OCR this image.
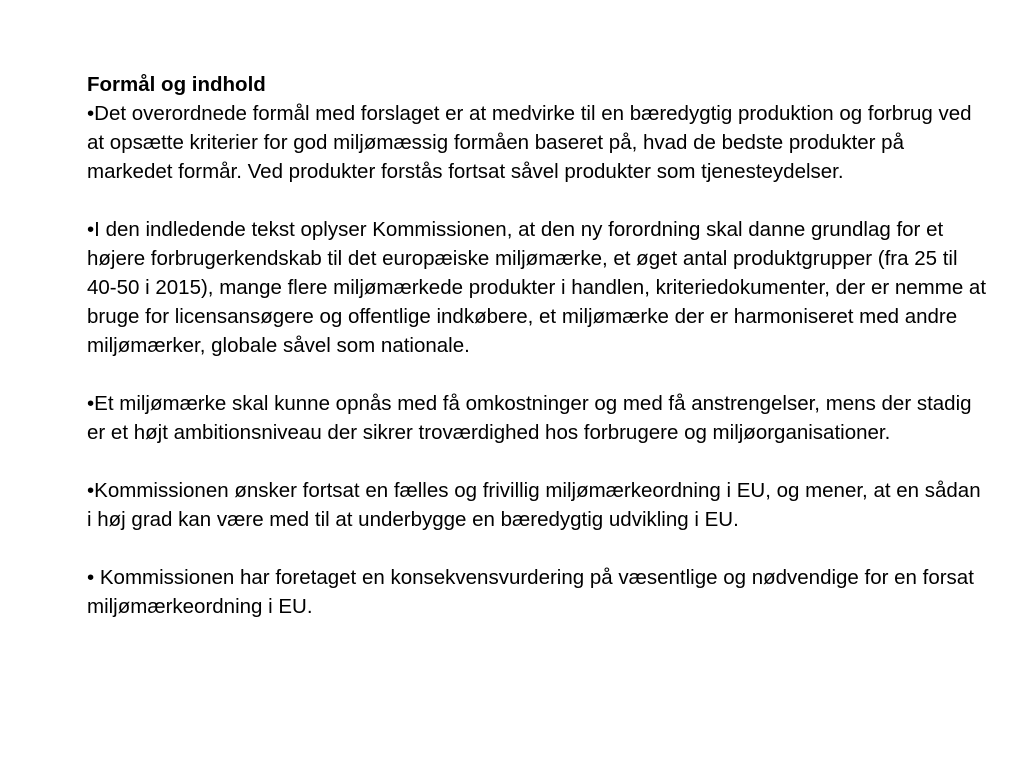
Formål og indhold

•Det overordnede formål med forslaget er at medvirke til en bæredygtig produktion og forbrug ved at opsætte kriterier for god miljømæssig formåen baseret på, hvad de bedste produkter på markedet formår. Ved produkter forstås fortsat såvel produkter som tjenesteydelser.

•I den indledende tekst oplyser Kommissionen, at den ny forordning skal danne grundlag for et højere forbrugerkendskab til det europæiske miljømærke, et øget antal produktgrupper (fra 25 til 40-50 i 2015), mange flere miljømærkede produkter i handlen, kriteriedokumenter, der er nemme at bruge for licensansøgere og offentlige indkøbere, et miljømærke der er harmoniseret med andre miljømærker, globale såvel som nationale.

•Et miljømærke skal kunne opnås med få omkostninger og med få anstrengelser, mens der stadig er et højt ambitionsniveau der sikrer troværdighed hos forbrugere og miljøorganisationer.

•Kommissionen ønsker fortsat en fælles og frivillig miljømærkeordning i EU, og mener, at en sådan i høj grad kan være med til at underbygge en bæredygtig udvikling i EU.

• Kommissionen har foretaget en konsekvensvurdering på væsentlige og nødvendige for en forsat miljømærkeordning i EU.
